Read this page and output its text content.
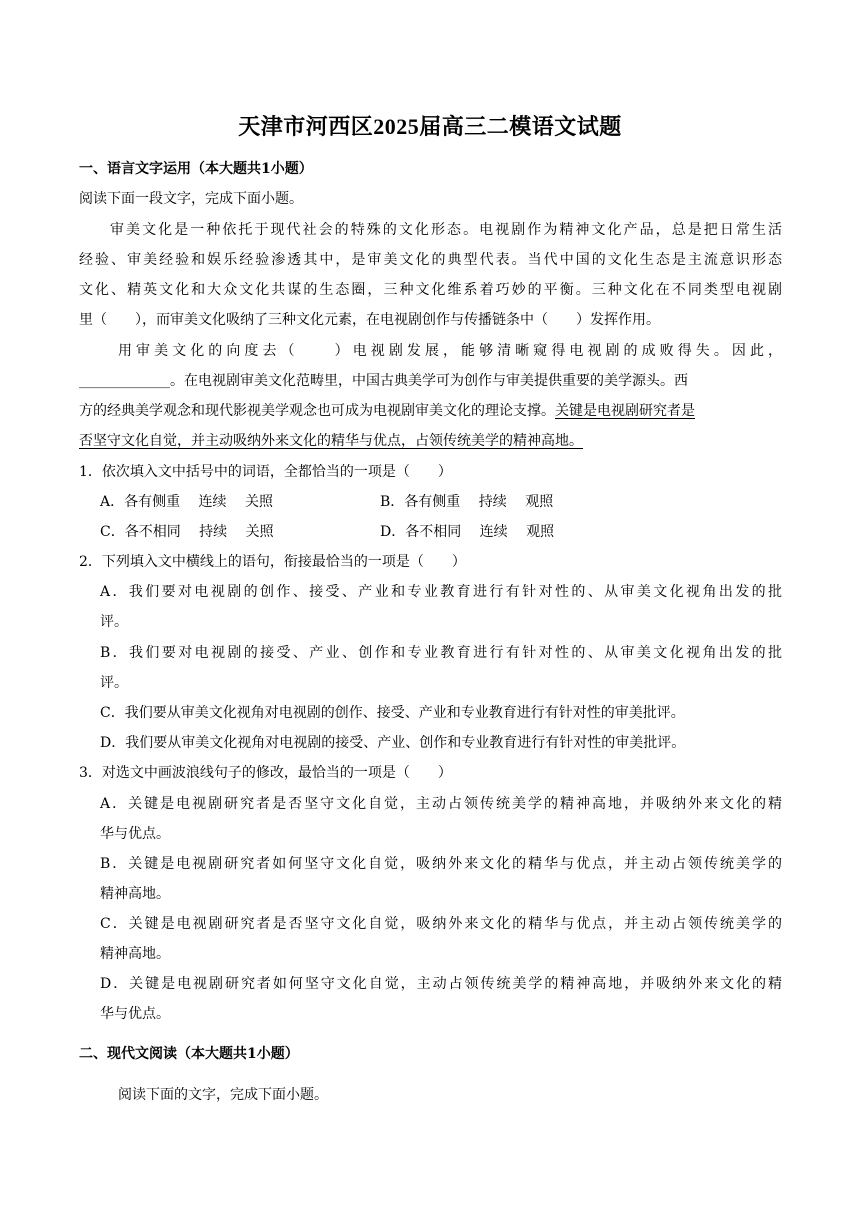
天津市河西区2025届高三二模语文试题
一、语言文字运用（本大题共1小题）
阅读下面一段文字，完成下面小题。
审美文化是一种依托于现代社会的特殊的文化形态。电视剧作为精神文化产品，总是把日常生活
经验、审美经验和娱乐经验渗透其中，是审美文化的典型代表。当代中国的文化生态是主流意识形态
文化、精英文化和大众文化共谋的生态圈，三种文化维系着巧妙的平衡。三种文化在不同类型电视剧
里（　　），而审美文化吸纳了三种文化元素，在电视剧创作与传播链条中（　　）发挥作用。
用审美文化的向度去（　　）电视剧发展，能够清晰窥得电视剧的成败得失。因此，
_____________。在电视剧审美文化范畴里，中国古典美学可为创作与审美提供重要的美学源头。西
方的经典美学观念和现代影视美学观念也可成为电视剧审美文化的理论支撑。关键是电视剧研究者是
否坚守文化自觉，并主动吸纳外来文化的精华与优点，占领传统美学的精神高地。
1．依次填入文中括号中的词语，全都恰当的一项是（　　）
A．各有侧重　 连续　 关照	B．各有侧重　 持续　 观照
C．各不相同　 持续　 关照	D．各不相同　 连续　 观照
2．下列填入文中横线上的语句，衔接最恰当的一项是（　　）
A．我们要对电视剧的创作、接受、产业和专业教育进行有针对性的、从审美文化视角出发的批
评。
B．我们要对电视剧的接受、产业、创作和专业教育进行有针对性的、从审美文化视角出发的批
评。
C．我们要从审美文化视角对电视剧的创作、接受、产业和专业教育进行有针对性的审美批评。
D．我们要从审美文化视角对电视剧的接受、产业、创作和专业教育进行有针对性的审美批评。
3．对选文中画波浪线句子的修改，最恰当的一项是（　　）
A．关键是电视剧研究者是否坚守文化自觉，主动占领传统美学的精神高地，并吸纳外来文化的精
华与优点。
B．关键是电视剧研究者如何坚守文化自觉，吸纳外来文化的精华与优点，并主动占领传统美学的
精神高地。
C．关键是电视剧研究者是否坚守文化自觉，吸纳外来文化的精华与优点，并主动占领传统美学的
精神高地。
D．关键是电视剧研究者如何坚守文化自觉，主动占领传统美学的精神高地，并吸纳外来文化的精
华与优点。
二、现代文阅读（本大题共1小题）
阅读下面的文字，完成下面小题。
